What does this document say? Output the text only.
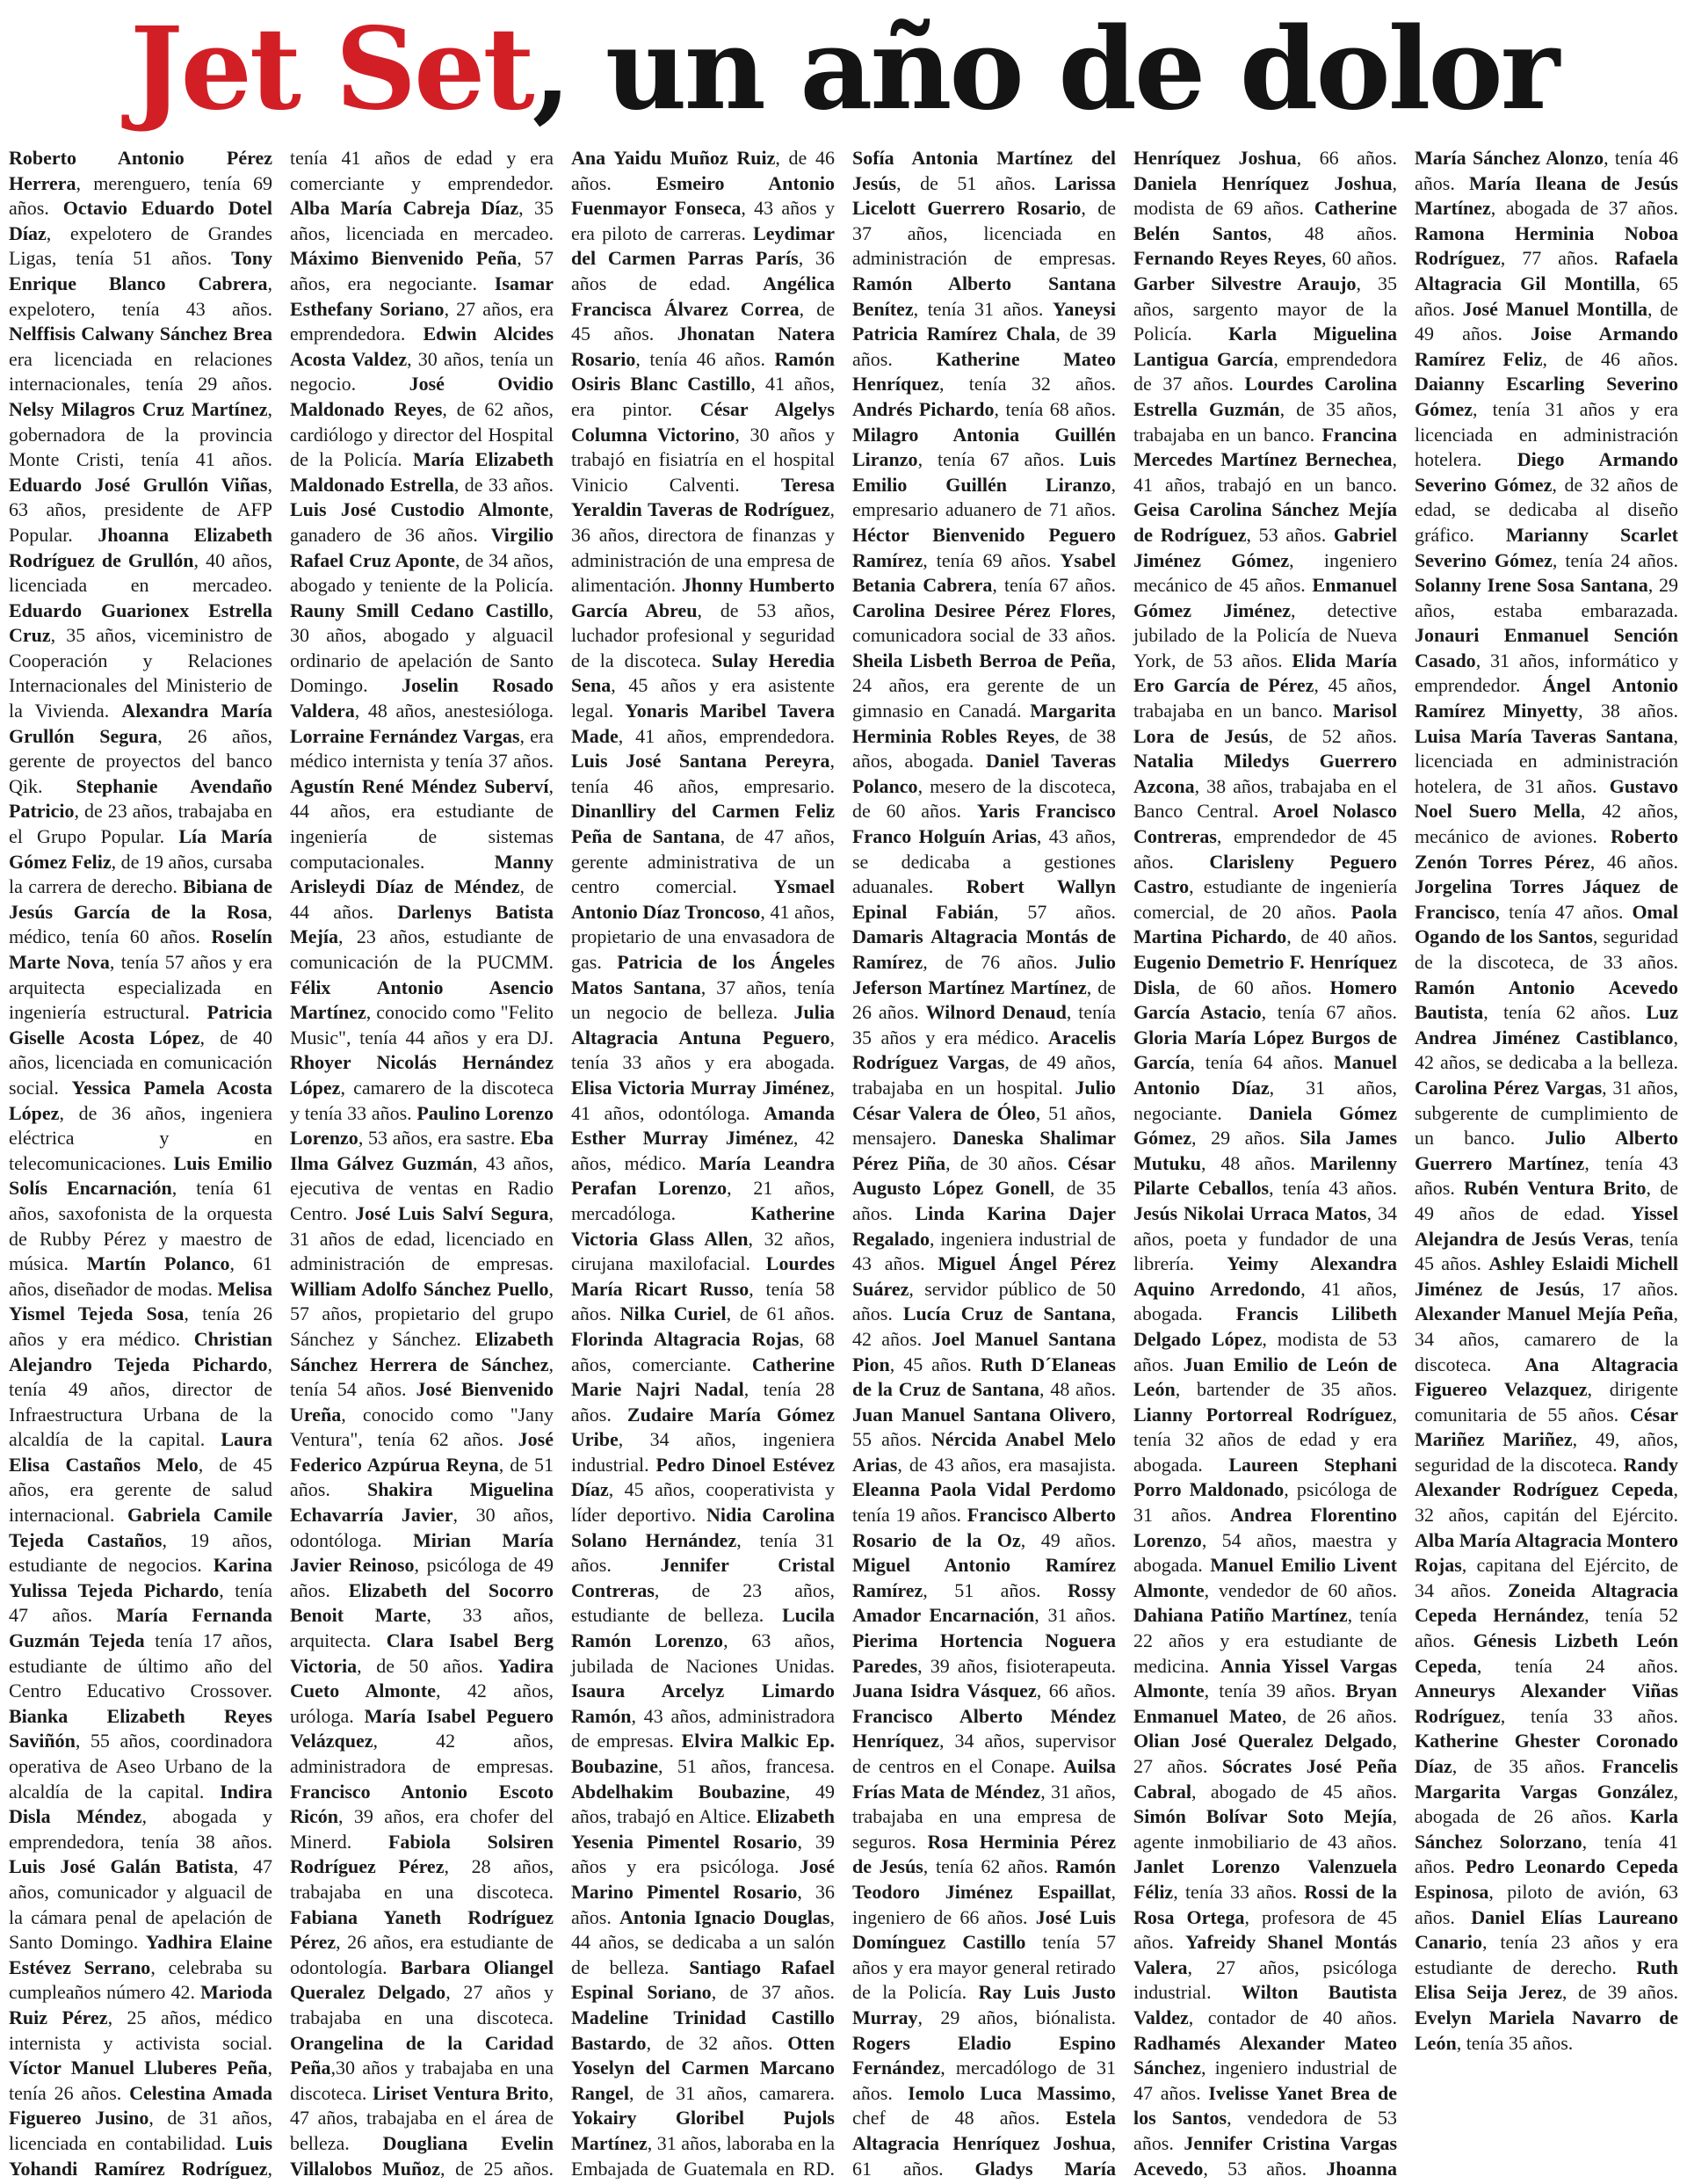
Jet Set, un año de dolor

Roberto Antonio Pérez Herrera, merenguero, tenía 69 años. Octavio Eduardo Dotel Díaz, expelotero de Grandes Ligas, tenía 51 años. Tony Enrique Blanco Cabrera, expelotero, tenía 43 años. Nelffisis Calwany Sánchez Brea era licenciada en relaciones internacionales, tenía 29 años. Nelsy Milagros Cruz Martínez, gobernadora de la provincia Monte Cristi, tenía 41 años. Eduardo José Grullón Viñas, 63 años, presidente de AFP Popular. Jhoanna Elizabeth Rodríguez de Grullón, 40 años, licenciada en mercadeo. Eduardo Guarionex Estrella Cruz, 35 años, viceministro de Cooperación y Relaciones Internacionales del Ministerio de la Vivienda. Alexandra María Grullón Segura, 26 años, gerente de proyectos del banco Qik. Stephanie Avendaño Patricio, de 23 años, trabajaba en el Grupo Popular. Lía María Gómez Feliz, de 19 años, cursaba la carrera de derecho. Bibiana de Jesús García de la Rosa, médico, tenía 60 años. Roselín Marte Nova, tenía 57 años y era arquitecta especializada en ingeniería estructural. Patricia Giselle Acosta López, de 40 años, licenciada en comunicación social. Yessica Pamela Acosta López, de 36 años, ingeniera eléctrica y en telecomunicaciones. Luis Emilio Solís Encarnación, tenía 61 años, saxofonista de la orquesta de Rubby Pérez y maestro de música. Martín Polanco, 61 años, diseñador de modas. Melisa Yismel Tejeda Sosa, tenía 26 años y era médico. Christian Alejandro Tejeda Pichardo, tenía 49 años, director de Infraestructura Urbana de la alcaldía de la capital. Laura Elisa Castaños Melo, de 45 años, era gerente de salud internacional. Gabriela Camile Tejeda Castaños, 19 años, estudiante de negocios. Karina Yulissa Tejeda Pichardo, tenía 47 años. María Fernanda Guzmán Tejeda tenía 17 años, estudiante de último año del Centro Educativo Crossover. Bianka Elizabeth Reyes Saviñón, 55 años, coordinadora operativa de Aseo Urbano de la alcaldía de la capital. Indira Disla Méndez, abogada y emprendedora, tenía 38 años. Luis José Galán Batista, 47 años, comunicador y alguacil de la cámara penal de apelación de Santo Domingo. Yadhira Elaine Estévez Serrano, celebraba su cumpleaños número 42. Marioda Ruiz Pérez, 25 años, médico internista y activista social. Víctor Manuel Lluberes Peña, tenía 26 años. Celestina Amada Figuereo Jusino, de 31 años, licenciada en contabilidad. Luis Yohandi Ramírez Rodríguez, tenía 41 años de edad y era comerciante y emprendedor. Alba María Cabreja Díaz, 35 años, licenciada en mercadeo. Máximo Bienvenido Peña, 57 años, era negociante. Isamar Esthefany Soriano, 27 años, era emprendedora. Edwin Alcides Acosta Valdez, 30 años, tenía un negocio.	José Ovidio Maldonado Reyes, de 62 años, cardiólogo y director del Hospital de la Policía. María Elizabeth Maldonado Estrella, de 33 años. Luis José Custodio Almonte, ganadero de 36 años. Virgilio Rafael Cruz Aponte, de 34 años, abogado y teniente de la Policía. Rauny Smill Cedano Castillo, 30 años, abogado y alguacil ordinario de apelación de Santo Domingo. Joselin Rosado Valdera, 48 años, anestesióloga. Lorraine Fernández Vargas, era médico internista y tenía 37 años. Agustín René Méndez Suberví, 44 años, era estudiante de ingeniería de sistemas computacionales.	Manny Arisleydi Díaz de Méndez, de 44 años. Darlenys Batista Mejía, 23 años, estudiante de comunicación de la PUCMM. Félix Antonio Asencio Martínez, conocido como "Felito Music", tenía 44 años y era DJ. Rhoyer Nicolás Hernández López, camarero de la discoteca y tenía 33 años. Paulino Lorenzo Lorenzo, 53 años, era sastre. Eba Ilma Gálvez Guzmán, 43 años, ejecutiva de ventas en Radio Centro. José Luis Salví Segura, 31 años de edad, licenciado en administración de empresas. William Adolfo Sánchez Puello, 57 años, propietario del grupo Sánchez y Sánchez. Elizabeth Sánchez Herrera de Sánchez, tenía 54 años. José Bienvenido Ureña, conocido como "Jany Ventura", tenía 62 años. José Federico Azpúrua Reyna, de 51 años. Shakira Miguelina Echavarría Javier, 30 años, odontóloga. Mirian María Javier Reinoso, psicóloga de 49 años. Elizabeth del Socorro Benoit Marte, 33 años, arquitecta. Clara Isabel Berg Victoria, de 50 años. Yadira Cueto Almonte, 42 años, uróloga. María Isabel Peguero Velázquez, 42 años, administradora de empresas. Francisco Antonio Escoto Ricón, 39 años, era chofer del Minerd. Fabiola Solsiren Rodríguez Pérez, 28 años, trabajaba en una discoteca. Fabiana Yaneth Rodríguez Pérez, 26 años, era estudiante de odontología. Barbara Oliangel Queralez Delgado, 27 años y trabajaba en una discoteca. Orangelina de la Caridad Peña,30 años y trabajaba en una discoteca. Liriset Ventura Brito, 47 años, trabajaba en el área de belleza. Dougliana Evelin Villalobos Muñoz, de 25 años. Ana Yaidu Muñoz Ruiz, de 46 años. Esmeiro Antonio Fuenmayor Fonseca, 43 años y era piloto de carreras. Leydimar del Carmen Parras París, 36 años de edad. Angélica Francisca Álvarez Correa, de 45 años. Jhonatan Natera Rosario, tenía 46 años. Ramón Osiris Blanc Castillo, 41 años, era pintor. César Algelys Columna Victorino, 30 años y trabajó en fisiatría en el hospital Vinicio Calventi. Teresa Yeraldin Taveras de Rodríguez, 36 años, directora de finanzas y administración de una empresa de alimentación. Jhonny Humberto García Abreu, de 53 años, luchador profesional y seguridad de la discoteca. Sulay Heredia Sena, 45 años y era asistente legal. Yonaris Maribel Tavera Made, 41 años, emprendedora. Luis José Santana Pereyra, tenía 46 años, empresario. Dinanlliry del Carmen Feliz Peña de Santana, de 47 años, gerente administrativa de un centro comercial. Ysmael Antonio Díaz Troncoso, 41 años, propietario de una envasadora de gas. Patricia de los Ángeles Matos Santana, 37 años, tenía un negocio de belleza. Julia Altagracia Antuna Peguero, tenía 33 años y era abogada. Elisa Victoria Murray Jiménez, 41 años, odontóloga. Amanda Esther Murray Jiménez, 42 años, médico. María Leandra Perafan Lorenzo, 21 años, mercadóloga.	Katherine Victoria Glass Allen, 32 años, cirujana maxilofacial. Lourdes María Ricart Russo, tenía 58 años. Nilka Curiel, de 61 años. Florinda Altagracia Rojas, 68 años, comerciante. Catherine Marie Najri Nadal, tenía 28 años. Zudaire María Gómez Uribe, 34 años, ingeniera industrial. Pedro Dinoel Estévez Díaz, 45 años, cooperativista y líder deportivo. Nidia Carolina Solano Hernández, tenía 31 años.	Jennifer Cristal Contreras, de 23 años, estudiante de belleza. Lucila Ramón Lorenzo, 63 años, jubilada de Naciones Unidas. Isaura Arcelyz Limardo Ramón, 43 años, administradora de empresas. Elvira Malkic Ep. Boubazine, 51 años, francesa. Abdelhakim Boubazine, 49 años, trabajó en Altice. Elizabeth Yesenia Pimentel Rosario, 39 años y era psicóloga. José Marino Pimentel Rosario, 36 años. Antonia Ignacio Douglas, 44 años, se dedicaba a un salón de belleza. Santiago Rafael Espinal Soriano, de 37 años. Madeline Trinidad Castillo Bastardo, de 32 años. Otten Yoselyn del Carmen Marcano Rangel, de 31 años, camarera. Yokairy Gloribel Pujols Martínez, 31 años, laboraba en la Embajada de Guatemala en RD. Sofía Antonia Martínez del Jesús, de 51 años. Larissa Licelott Guerrero Rosario, de 37 años, licenciada en administración de empresas. Ramón Alberto Santana Benítez, tenía 31 años. Yaneysi Patricia Ramírez Chala, de 39 años. Katherine Mateo Henríquez, tenía 32 años. Andrés Pichardo, tenía 68 años. Milagro Antonia Guillén Liranzo, tenía 67 años. Luis Emilio Guillén Liranzo, empresario aduanero de 71 años. Héctor Bienvenido Peguero Ramírez, tenía 69 años. Ysabel Betania Cabrera, tenía 67 años. Carolina Desiree Pérez Flores, comunicadora social de 33 años. Sheila Lisbeth Berroa de Peña, 24 años, era gerente de un gimnasio en Canadá. Margarita Herminia Robles Reyes, de 38 años, abogada. Daniel Taveras Polanco, mesero de la discoteca, de 60 años. Yaris Francisco Franco Holguín Arias, 43 años, se dedicaba a gestiones aduanales. Robert Wallyn Epinal Fabián, 57 años. Damaris Altagracia Montás de Ramírez, de 76 años. Julio Jeferson Martínez Martínez, de 26 años. Wilnord Denaud, tenía 35 años y era médico. Aracelis Rodríguez Vargas, de 49 años, trabajaba en un hospital. Julio César Valera de Óleo, 51 años, mensajero. Daneska Shalimar Pérez Piña, de 30 años. César Augusto López Gonell, de 35 años. Linda Karina Dajer Regalado, ingeniera industrial de 43 años. Miguel Ángel Pérez Suárez, servidor público de 50 años. Lucía Cruz de Santana, 42 años. Joel Manuel Santana Pion, 45 años. Ruth D´Elaneas de la Cruz de Santana, 48 años. Juan Manuel Santana Olivero, 55 años. Nércida Anabel Melo Arias, de 43 años, era masajista. Eleanna Paola Vidal Perdomo tenía 19 años. Francisco Alberto Rosario de la Oz, 49 años. Miguel Antonio Ramírez Ramírez, 51 años. Rossy Amador Encarnación, 31 años. Pierima Hortencia Noguera Paredes, 39 años, fisioterapeuta. Juana Isidra Vásquez, 66 años. Francisco Alberto Méndez Henríquez, 34 años, supervisor de centros en el Conape. Auilsa Frías Mata de Méndez, 31 años, trabajaba en una empresa de seguros. Rosa Herminia Pérez de Jesús, tenía 62 años. Ramón Teodoro Jiménez Espaillat, ingeniero de 66 años. José Luis Domínguez Castillo tenía 57 años y era mayor general retirado de la Policía. Ray Luis Justo Murray, 29 años, biónalista. Rogers Eladio Espino Fernández, mercadólogo de 31 años. Iemolo Luca Massimo, chef de 48 años. Estela Altagracia Henríquez Joshua, 61 años. Gladys María Henríquez Joshua, 66 años. Daniela Henríquez Joshua, modista de 69 años. Catherine Belén Santos, 48 años. Fernando Reyes Reyes, 60 años. Garber Silvestre Araujo, 35 años, sargento mayor de la Policía. Karla Miguelina Lantigua García, emprendedora de 37 años. Lourdes Carolina Estrella Guzmán, de 35 años, trabajaba en un banco. Francina Mercedes Martínez Bernechea, 41 años, trabajó en un banco. Geisa Carolina Sánchez Mejía de Rodríguez, 53 años. Gabriel Jiménez Gómez, ingeniero mecánico de 45 años. Enmanuel Gómez Jiménez, detective jubilado de la Policía de Nueva York, de 53 años. Elida María Ero García de Pérez, 45 años, trabajaba en un banco. Marisol Lora de Jesús, de 52 años. Natalia Miledys Guerrero Azcona, 38 años, trabajaba en el Banco Central. Aroel Nolasco Contreras, emprendedor de 45 años. Clarisleny Peguero Castro, estudiante de ingeniería comercial, de 20 años. Paola Martina Pichardo, de 40 años. Eugenio Demetrio F. Henríquez Disla, de 60 años. Homero García Astacio, tenía 67 años. Gloria María López Burgos de García, tenía 64 años. Manuel Antonio Díaz, 31 años, negociante. Daniela Gómez Gómez, 29 años. Sila James Mutuku, 48 años. Marilenny Pilarte Ceballos, tenía 43 años. Jesús Nikolai Urraca Matos, 34 años, poeta y fundador de una librería. Yeimy Alexandra Aquino Arredondo, 41 años, abogada. Francis Lilibeth Delgado López, modista de 53 años. Juan Emilio de León de León, bartender de 35 años. Lianny Portorreal Rodríguez, tenía 32 años de edad y era abogada. Laureen Stephani Porro Maldonado, psicóloga de 31 años. Andrea Florentino Lorenzo, 54 años, maestra y abogada. Manuel Emilio Livent Almonte, vendedor de 60 años. Dahiana Patiño Martínez, tenía 22 años y era estudiante de medicina. Annia Yissel Vargas Almonte, tenía 39 años. Bryan Enmanuel Mateo, de 26 años. Olian José Queralez Delgado, 27 años. Sócrates José Peña Cabral, abogado de 45 años. Simón Bolívar Soto Mejía, agente inmobiliario de 43 años. Janlet Lorenzo Valenzuela Féliz, tenía 33 años. Rossi de la Rosa Ortega, profesora de 45 años. Yafreidy Shanel Montás Valera, 27 años, psicóloga industrial. Wilton Bautista Valdez, contador de 40 años. Radhamés Alexander Mateo Sánchez, ingeniero industrial de 47 años. Ivelisse Yanet Brea de los Santos, vendedora de 53 años. Jennifer Cristina Vargas Acevedo, 53 años. Jhoanna María Sánchez Alonzo, tenía 46 años. María Ileana de Jesús Martínez, abogada de 37 años. Ramona Herminia Noboa Rodríguez, 77 años. Rafaela Altagracia Gil Montilla, 65 años. José Manuel Montilla, de 49 años. Joise Armando Ramírez Feliz, de 46 años. Daianny Escarling Severino Gómez, tenía 31 años y era licenciada en administración hotelera. Diego Armando Severino Gómez, de 32 años de edad, se dedicaba al diseño gráfico. Marianny Scarlet Severino Gómez, tenía 24 años. Solanny Irene Sosa Santana, 29 años, estaba embarazada. Jonauri Enmanuel Sención Casado, 31 años, informático y emprendedor. Ángel Antonio Ramírez Minyetty, 38 años. Luisa María Taveras Santana, licenciada en administración hotelera, de 31 años. Gustavo Noel Suero Mella, 42 años, mecánico de aviones. Roberto Zenón Torres Pérez, 46 años. Jorgelina Torres Jáquez de Francisco, tenía 47 años. Omal Ogando de los Santos, seguridad de la discoteca, de 33 años. Ramón Antonio Acevedo Bautista, tenía 62 años. Luz Andrea Jiménez Castiblanco, 42 años, se dedicaba a la belleza. Carolina Pérez Vargas, 31 años, subgerente de cumplimiento de un banco. Julio Alberto Guerrero Martínez, tenía 43 años. Rubén Ventura Brito, de 49 años de edad. Yissel Alejandra de Jesús Veras, tenía 45 años. Ashley Eslaidi Michell Jiménez de Jesús, 17 años. Alexander Manuel Mejía Peña, 34 años, camarero de la discoteca. Ana Altagracia Figuereo Velazquez, dirigente comunitaria de 55 años. César Mariñez Mariñez, 49, años, seguridad de la discoteca. Randy Alexander Rodríguez Cepeda, 32 años, capitán del Ejército. Alba María Altagracia Montero Rojas, capitana del Ejército, de 34 años. Zoneida Altagracia Cepeda Hernández, tenía 52 años. Génesis Lizbeth León Cepeda, tenía 24 años. Anneurys Alexander Viñas Rodríguez, tenía 33 años. Katherine Ghester Coronado Díaz, de 35 años. Francelis Margarita Vargas González, abogada de 26 años. Karla Sánchez Solorzano, tenía 41 años. Pedro Leonardo Cepeda Espinosa, piloto de avión, 63 años. Daniel Elías Laureano Canario, tenía 23 años y era estudiante de derecho. Ruth Elisa Seija Jerez, de 39 años. Evelyn Mariela Navarro de León, tenía 35 años.
